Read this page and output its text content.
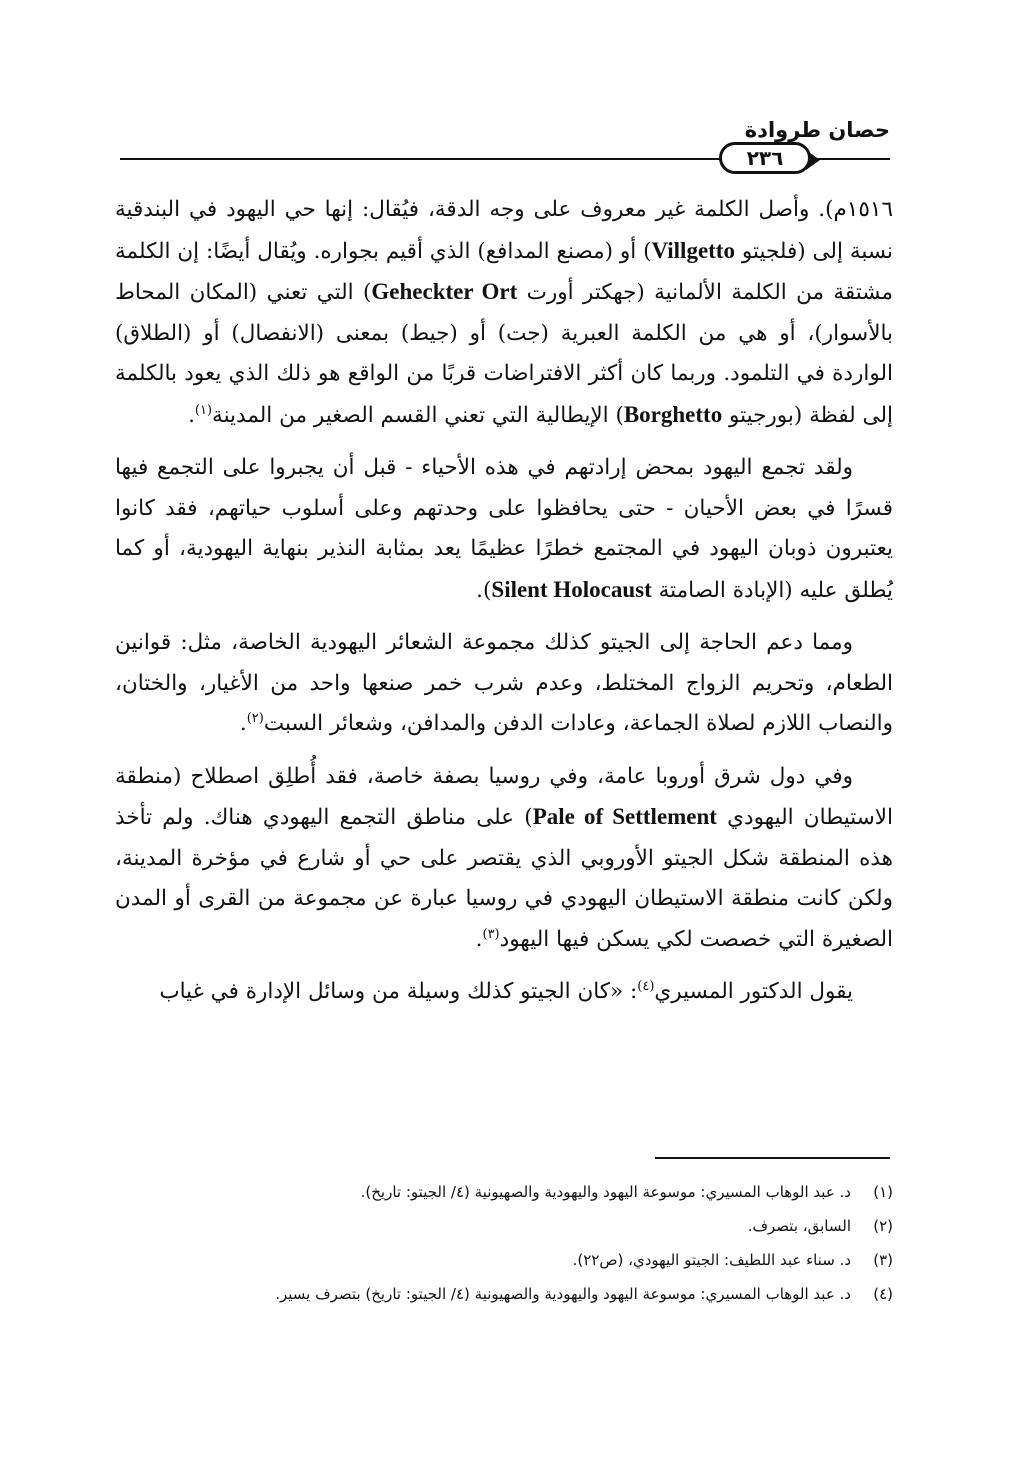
حصان طروادة
٢٣٦

١٥١٦م). وأصل الكلمة غير معروف على وجه الدقة، فيُقال: إنها حي اليهود في البندقية نسبة إلى (فلجيتو Villgetto) أو (مصنع المدافع) الذي أقيم بجواره. ويُقال أيضًا: إن الكلمة مشتقة من الكلمة الألمانية (جهكتر أورت Geheckter Ort) التي تعني (المكان المحاط بالأسوار)، أو هي من الكلمة العبرية (جت) أو (جيط) بمعنى (الانفصال) أو (الطلاق) الواردة في التلمود. وربما كان أكثر الافتراضات قربًا من الواقع هو ذلك الذي يعود بالكلمة إلى لفظة (بورجيتو Borghetto) الإيطالية التي تعني القسم الصغير من المدينة$^{(١)}$.

ولقد تجمع اليهود بمحض إرادتهم في هذه الأحياء - قبل أن يجبروا على التجمع فيها قسرًا في بعض الأحيان - حتى يحافظوا على وحدتهم وعلى أسلوب حياتهم، فقد كانوا يعتبرون ذوبان اليهود في المجتمع خطرًا عظيمًا يعد بمثابة النذير بنهاية اليهودية، أو كما يُطلق عليه (الإبادة الصامتة Silent Holocaust).

ومما دعم الحاجة إلى الجيتو كذلك مجموعة الشعائر اليهودية الخاصة، مثل: قوانين الطعام، وتحريم الزواج المختلط، وعدم شرب خمر صنعها واحد من الأغيار، والختان، والنصاب اللازم لصلاة الجماعة، وعادات الدفن والمدافن، وشعائر السبت$^{(٢)}$.

وفي دول شرق أوروبا عامة، وفي روسيا بصفة خاصة، فقد أُطلِق اصطلاح (منطقة الاستيطان اليهودي Pale of Settlement) على مناطق التجمع اليهودي هناك. ولم تأخذ هذه المنطقة شكل الجيتو الأوروبي الذي يقتصر على حي أو شارع في مؤخرة المدينة، ولكن كانت منطقة الاستيطان اليهودي في روسيا عبارة عن مجموعة من القرى أو المدن الصغيرة التي خصصت لكي يسكن فيها اليهود$^{(٣)}$.

يقول الدكتور المسيري$^{(٤)}$: «كان الجيتو كذلك وسيلة من وسائل الإدارة في غياب

(١)د. عبد الوهاب المسيري: موسوعة اليهود واليهودية والصهيونية (٤/ الجيتو: تاريخ).
(٢)السابق، بتصرف.
(٣)د. سناء عبد اللطيف: الجيتو اليهودي، (ص٢٢).
(٤)د. عبد الوهاب المسيري: موسوعة اليهود واليهودية والصهيونية (٤/ الجيتو: تاريخ) بتصرف يسير.
